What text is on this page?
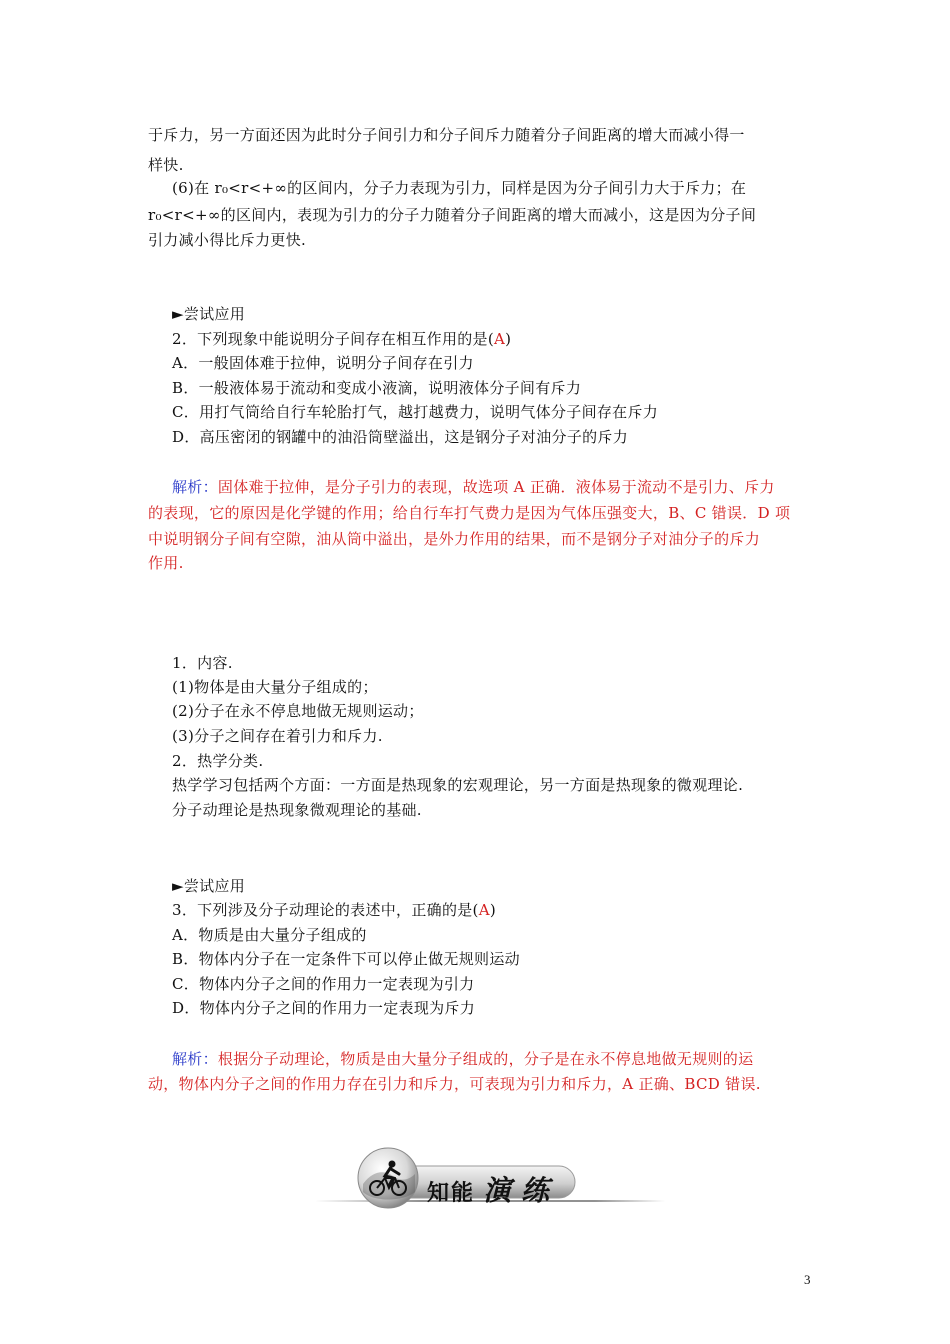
于斥力，另一方面还因为此时分子间引力和分子间斥力随着分子间距离的增大而减小得一
样快.
(6)在 r₀<r<+∞的区间内，分子力表现为引力，同样是因为分子间引力大于斥力；在
r₀<r<+∞的区间内，表现为引力的分子力随着分子间距离的增大而减小，这是因为分子间
引力减小得比斥力更快.
►尝试应用
2．下列现象中能说明分子间存在相互作用的是(A)
A．一般固体难于拉伸，说明分子间存在引力
B．一般液体易于流动和变成小液滴，说明液体分子间有斥力
C．用打气筒给自行车轮胎打气，越打越费力，说明气体分子间存在斥力
D．高压密闭的钢罐中的油沿筒壁溢出，这是钢分子对油分子的斥力
解析：固体难于拉伸，是分子引力的表现，故选项 A 正确．液体易于流动不是引力、斥力
的表现，它的原因是化学键的作用；给自行车打气费力是因为气体压强变大，B、C 错误．D 项
中说明钢分子间有空隙，油从筒中溢出，是外力作用的结果，而不是钢分子对油分子的斥力
作用.
1．内容.
(1)物体是由大量分子组成的；
(2)分子在永不停息地做无规则运动；
(3)分子之间存在着引力和斥力.
2．热学分类.
热学学习包括两个方面：一方面是热现象的宏观理论，另一方面是热现象的微观理论.
分子动理论是热现象微观理论的基础.
►尝试应用
3．下列涉及分子动理论的表述中，正确的是(A)
A．物质是由大量分子组成的
B．物体内分子在一定条件下可以停止做无规则运动
C．物体内分子之间的作用力一定表现为引力
D．物体内分子之间的作用力一定表现为斥力
解析：根据分子动理论，物质是由大量分子组成的，分子是在永不停息地做无规则的运
动，物体内分子之间的作用力存在引力和斥力，可表现为引力和斥力，A 正确、BCD 错误.
知能 演练
3
